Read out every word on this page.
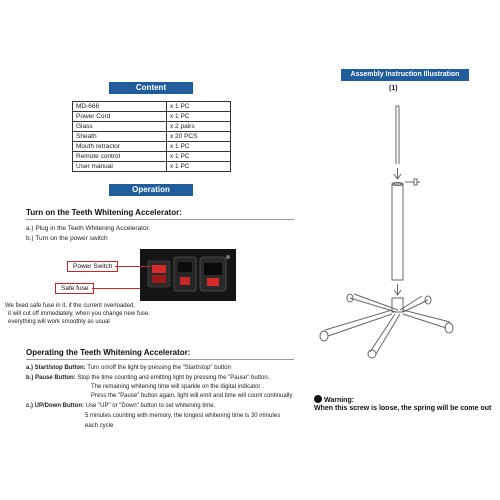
Content
MD-666	x 1 PC
Power Cord	x 1 PC
Glass	x 2 pairs
Sheath	x 20 PCS
Mouth retractor	x 1 PC
Remote control	x 1 PC
User manual	x 1 PC
Operation
Turn on the Teeth Whitening Accelerator:
a.) Plug in the Teeth Whitening Accelerator.
b.) Turn on the power switch
Power Switch
Safe fuse
We fixed safe fuse in it, if the current overloaded,
it will cut off immediately, when you change new fuse,
everything will work smoothly as usual
Operating the Teeth Whitening Accelerator:
a.) Start/stop Button: Turn on/off the light by pressing the "Start/stop" button
b.) Pause Button: Stop the time counting and emitting light by pressing the "Pause" button.
The remaining whitening time will sparkle on the digital indicator .
Press the "Pause" button again, light will emit and time will count continually
c.) UP/Down Button: Use "UP" or "Down" button to set whitening time.
5 minutes counting with memory, the longest whitening time is 30 minutes
each cycle
Assembly Instruction Illustration
(1)
Warning:
When this screw is loose, the spring will be come out
